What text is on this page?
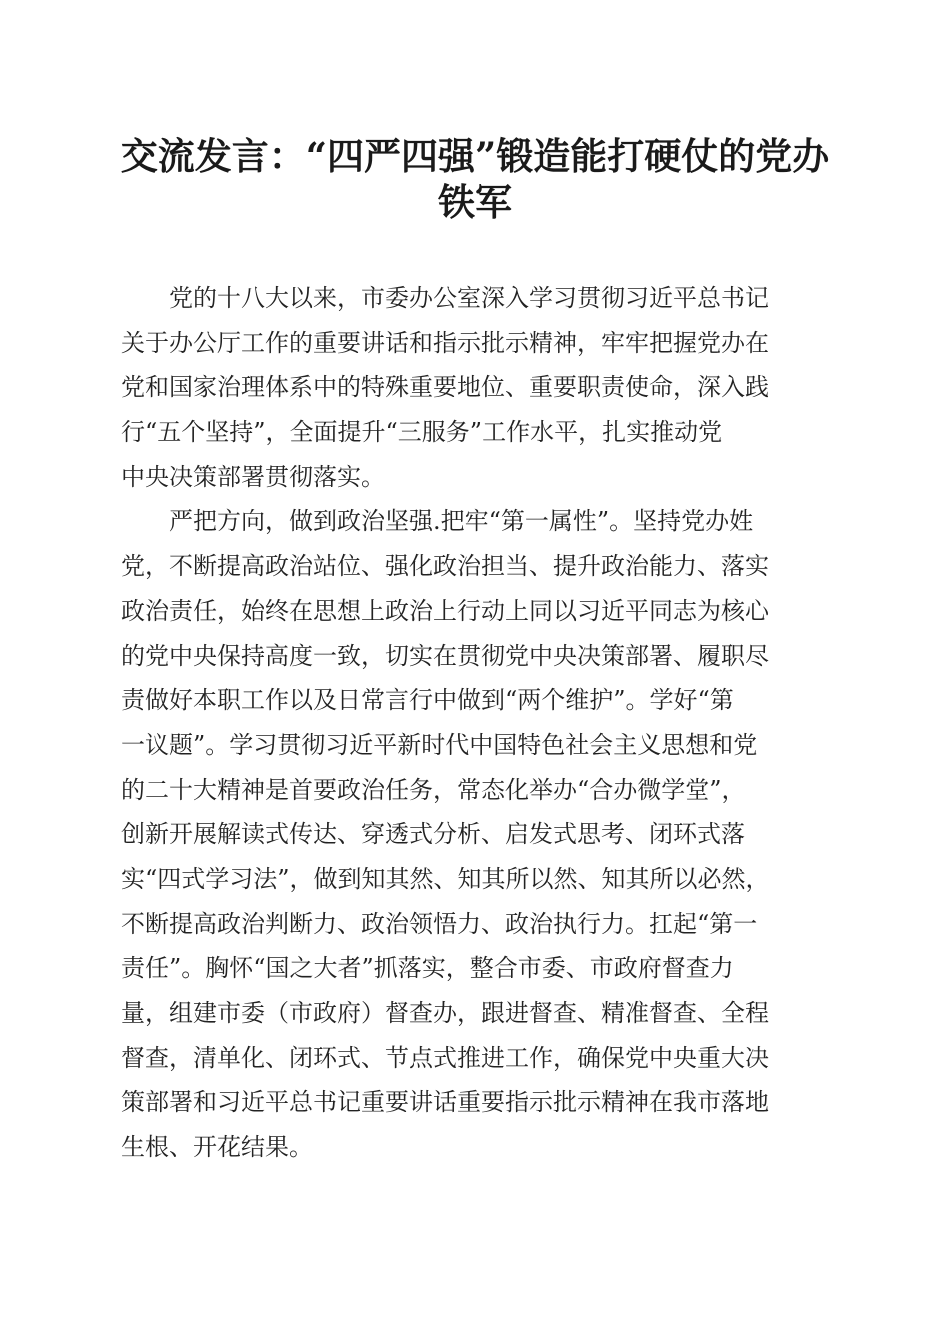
交流发言：“四严四强”锻造能打硬仗的党办
铁军
党的十八大以来，市委办公室深入学习贯彻习近平总书记
关于办公厅工作的重要讲话和指示批示精神，牢牢把握党办在
党和国家治理体系中的特殊重要地位、重要职责使命，深入践
行“五个坚持”，全面提升“三服务”工作水平，扎实推动党
中央决策部署贯彻落实。
严把方向，做到政治坚强.把牢“第一属性”。坚持党办姓
党，不断提高政治站位、强化政治担当、提升政治能力、落实
政治责任，始终在思想上政治上行动上同以习近平同志为核心
的党中央保持高度一致，切实在贯彻党中央决策部署、履职尽
责做好本职工作以及日常言行中做到“两个维护”。学好“第
一议题”。学习贯彻习近平新时代中国特色社会主义思想和党
的二十大精神是首要政治任务，常态化举办“合办微学堂”，
创新开展解读式传达、穿透式分析、启发式思考、闭环式落
实“四式学习法”，做到知其然、知其所以然、知其所以必然，
不断提高政治判断力、政治领悟力、政治执行力。扛起“第一
责任”。胸怀“国之大者”抓落实，整合市委、市政府督查力
量，组建市委（市政府）督查办，跟进督查、精准督查、全程
督查，清单化、闭环式、节点式推进工作，确保党中央重大决
策部署和习近平总书记重要讲话重要指示批示精神在我市落地
生根、开花结果。
